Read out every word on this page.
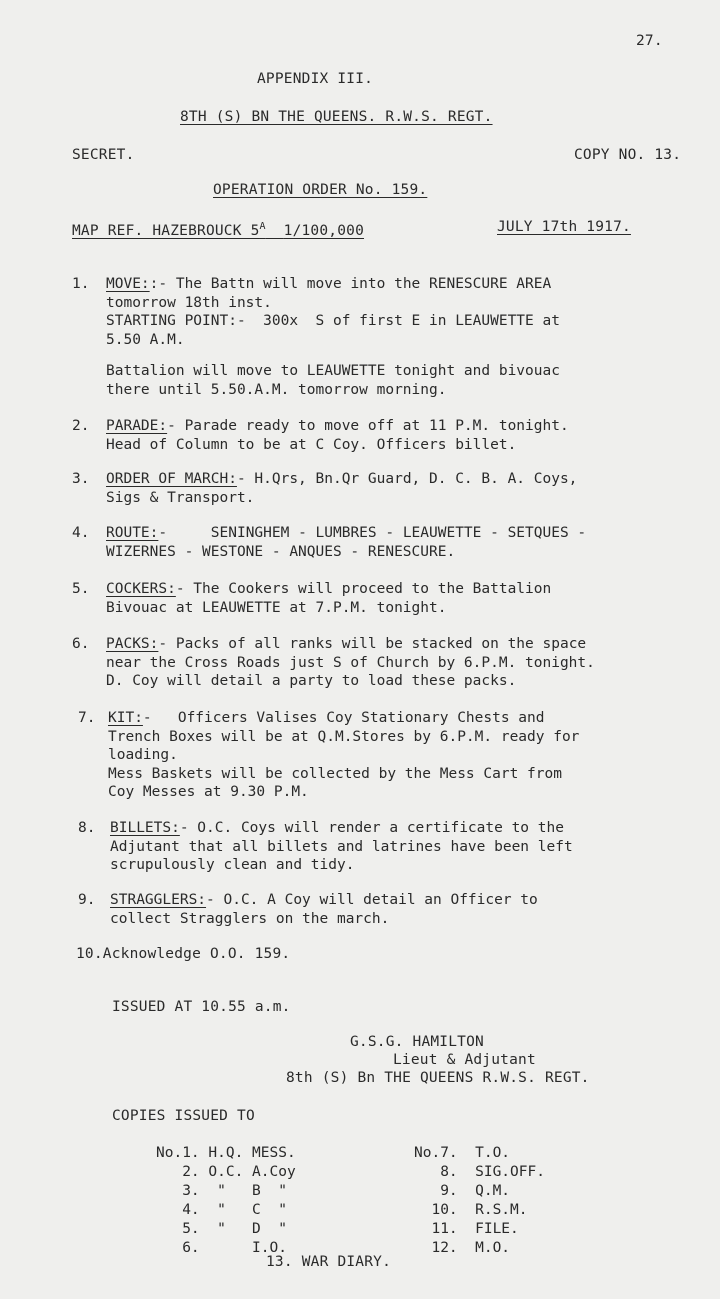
27.
APPENDIX III.
8TH (S) BN THE QUEENS. R.W.S. REGT.
SECRET.	COPY NO. 13.
OPERATION ORDER No. 159.
MAP REF. HAZEBROUCK $5^A$ 1/100,000	JULY 17th 1917.
1. MOVE::- The Battn will move into the RENESCURE AREA
tomorrow 18th inst.
STARTING POINT:-  300x  S of first E in LEAUWETTE at
5.50 A.M.
Battalion will move to LEAUWETTE tonight and bivouac
there until 5.50.A.M. tomorrow morning.
2. PARADE:- Parade ready to move off at 11 P.M. tonight.
Head of Column to be at C Coy. Officers billet.
3. ORDER OF MARCH:- H.Qrs, Bn.Qr Guard, D. C. B. A. Coys,
Sigs & Transport.
4. ROUTE:-     SENINGHEM - LUMBRES - LEAUWETTE - SETQUES -
WIZERNES - WESTONE - ANQUES - RENESCURE.
5. COCKERS:- The Cookers will proceed to the Battalion
Bivouac at LEAUWETTE at 7.P.M. tonight.
6. PACKS:- Packs of all ranks will be stacked on the space
near the Cross Roads just S of Church by 6.P.M. tonight.
D. Coy will detail a party to load these packs.
7. KIT:-   Officers Valises Coy Stationary Chests and
Trench Boxes will be at Q.M.Stores by 6.P.M. ready for
loading.
Mess Baskets will be collected by the Mess Cart from
Coy Messes at 9.30 P.M.
8. BILLETS:- O.C. Coys will render a certificate to the
Adjutant that all billets and latrines have been left
scrupulously clean and tidy.
9. STRAGGLERS:- O.C. A Coy will detail an Officer to
collect Stragglers on the march.
10.Acknowledge O.O. 159.
ISSUED AT 10.55 a.m.
G.S.G. HAMILTON
Lieut & Adjutant
8th (S) Bn THE QUEENS R.W.S. REGT.
COPIES ISSUED TO
No.1. H.Q. MESS.
2. O.C. A.Coy
3.  "   B  "
4.  "   C  "
5.  "   D  "
6.      I.O.
No.7.  T.O.
8.  SIG.OFF.
9.  Q.M.
10.  R.S.M.
11.  FILE.
12.  M.O.
13. WAR DIARY.
